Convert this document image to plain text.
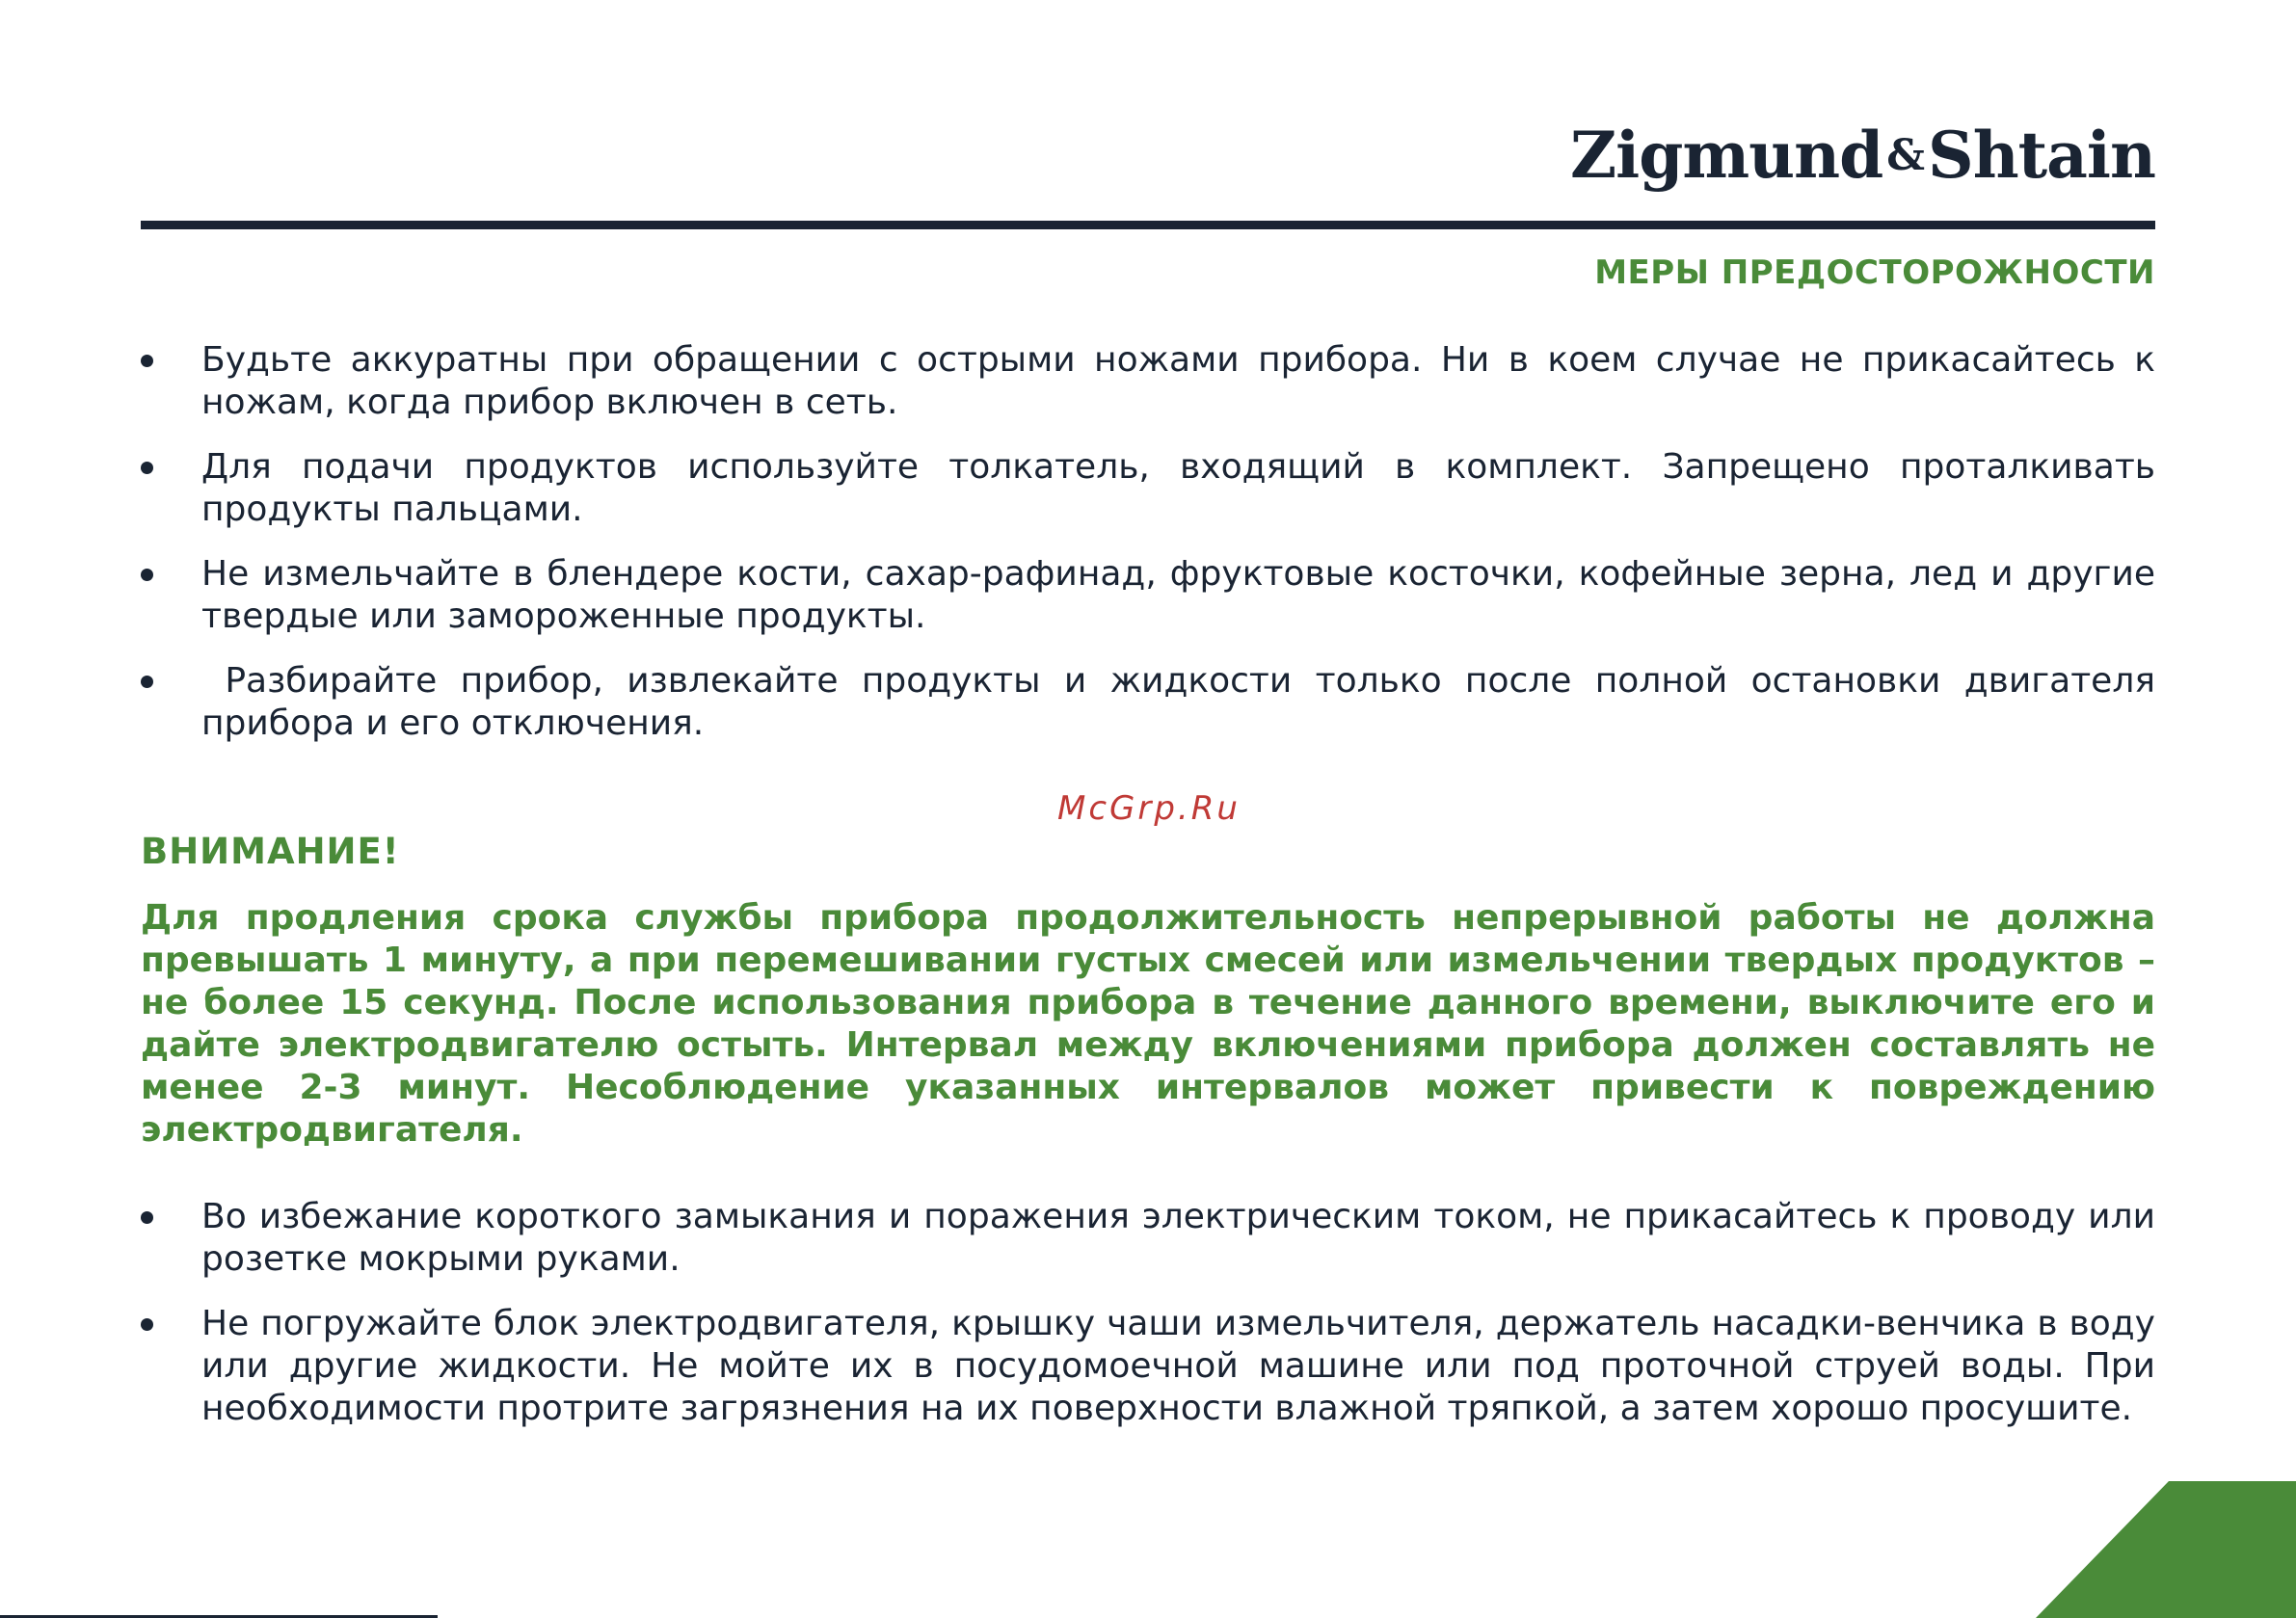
Zigmund&Shtain
МЕРЫ ПРЕДОСТОРОЖНОСТИ
Будьте аккуратны при обращении с острыми ножами прибора. Ни в коем случае не прикасайтесь к ножам, когда прибор включен в сеть.
Для подачи продуктов используйте толкатель, входящий в комплект. Запрещено проталкивать продукты пальцами.
Не измельчайте в блендере кости, сахар-рафинад, фруктовые косточки, кофейные зерна, лед и другие твердые или замороженные продукты.
Разбирайте прибор, извлекайте продукты и жидкости только после полной остановки двигателя прибора и его отключения.
McGrp.Ru
ВНИМАНИЕ!

Для продления срока службы прибора продолжительность непрерывной работы не должна превышать 1 минуту, а при перемешивании густых смесей или измельчении твердых продуктов – не более 15 секунд. После использования прибора в течение данного времени, выключите его и дайте электродвигателю остыть. Интервал между включениями прибора должен составлять не менее 2-3 минут. Несоблюдение указанных интервалов может привести к повреждению электродвигателя.

Во избежание короткого замыкания и поражения электрическим током, не прикасайтесь к проводу или розетке мокрыми руками.
Не погружайте блок электродвигателя, крышку чаши измельчителя, держатель насадки-венчика в воду или другие жидкости. Не мойте их в посудомоечной машине или под проточной струей воды. При необходимости протрите загрязнения на их поверхности влажной тряпкой, а затем хорошо просушите.
